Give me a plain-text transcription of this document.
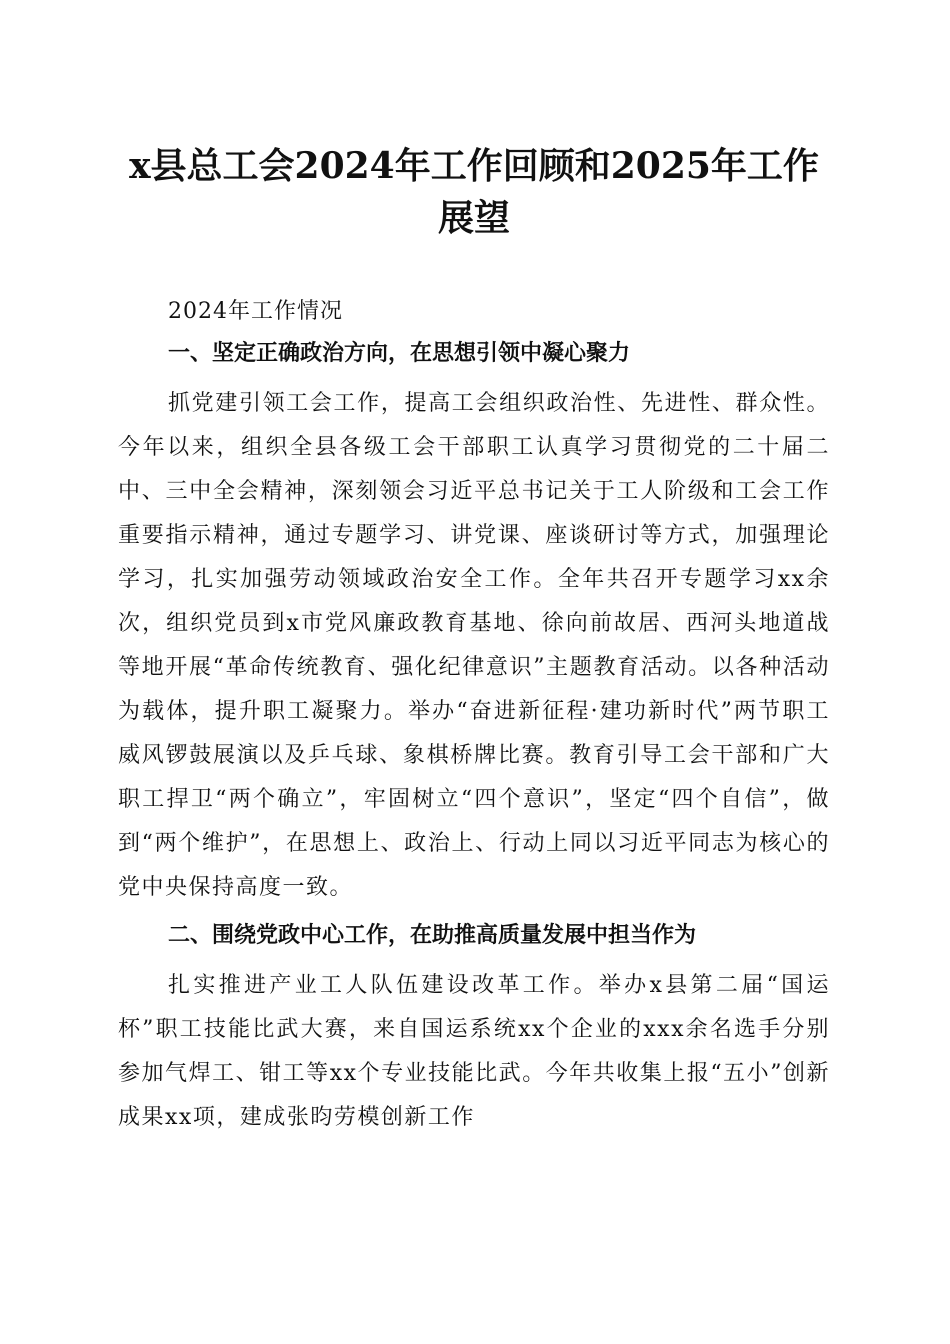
x县总工会2024年工作回顾和2025年工作展望

2024年工作情况

一、坚定正确政治方向，在思想引领中凝心聚力

抓党建引领工会工作，提高工会组织政治性、先进性、群众性。今年以来，组织全县各级工会干部职工认真学习贯彻党的二十届二中、三中全会精神，深刻领会习近平总书记关于工人阶级和工会工作重要指示精神，通过专题学习、讲党课、座谈研讨等方式，加强理论学习，扎实加强劳动领域政治安全工作。全年共召开专题学习xx余次，组织党员到x市党风廉政教育基地、徐向前故居、西河头地道战等地开展“革命传统教育、强化纪律意识”主题教育活动。以各种活动为载体，提升职工凝聚力。举办“奋进新征程·建功新时代”两节职工威风锣鼓展演以及乒乓球、象棋桥牌比赛。教育引导工会干部和广大职工捍卫“两个确立”，牢固树立“四个意识”，坚定“四个自信”，做到“两个维护”，在思想上、政治上、行动上同以习近平同志为核心的党中央保持高度一致。

二、围绕党政中心工作，在助推高质量发展中担当作为

扎实推进产业工人队伍建设改革工作。举办x县第二届“国运杯”职工技能比武大赛，来自国运系统xx个企业的xxx余名选手分别参加气焊工、钳工等xx个专业技能比武。今年共收集上报“五小”创新成果xx项，建成张昀劳模创新工作
